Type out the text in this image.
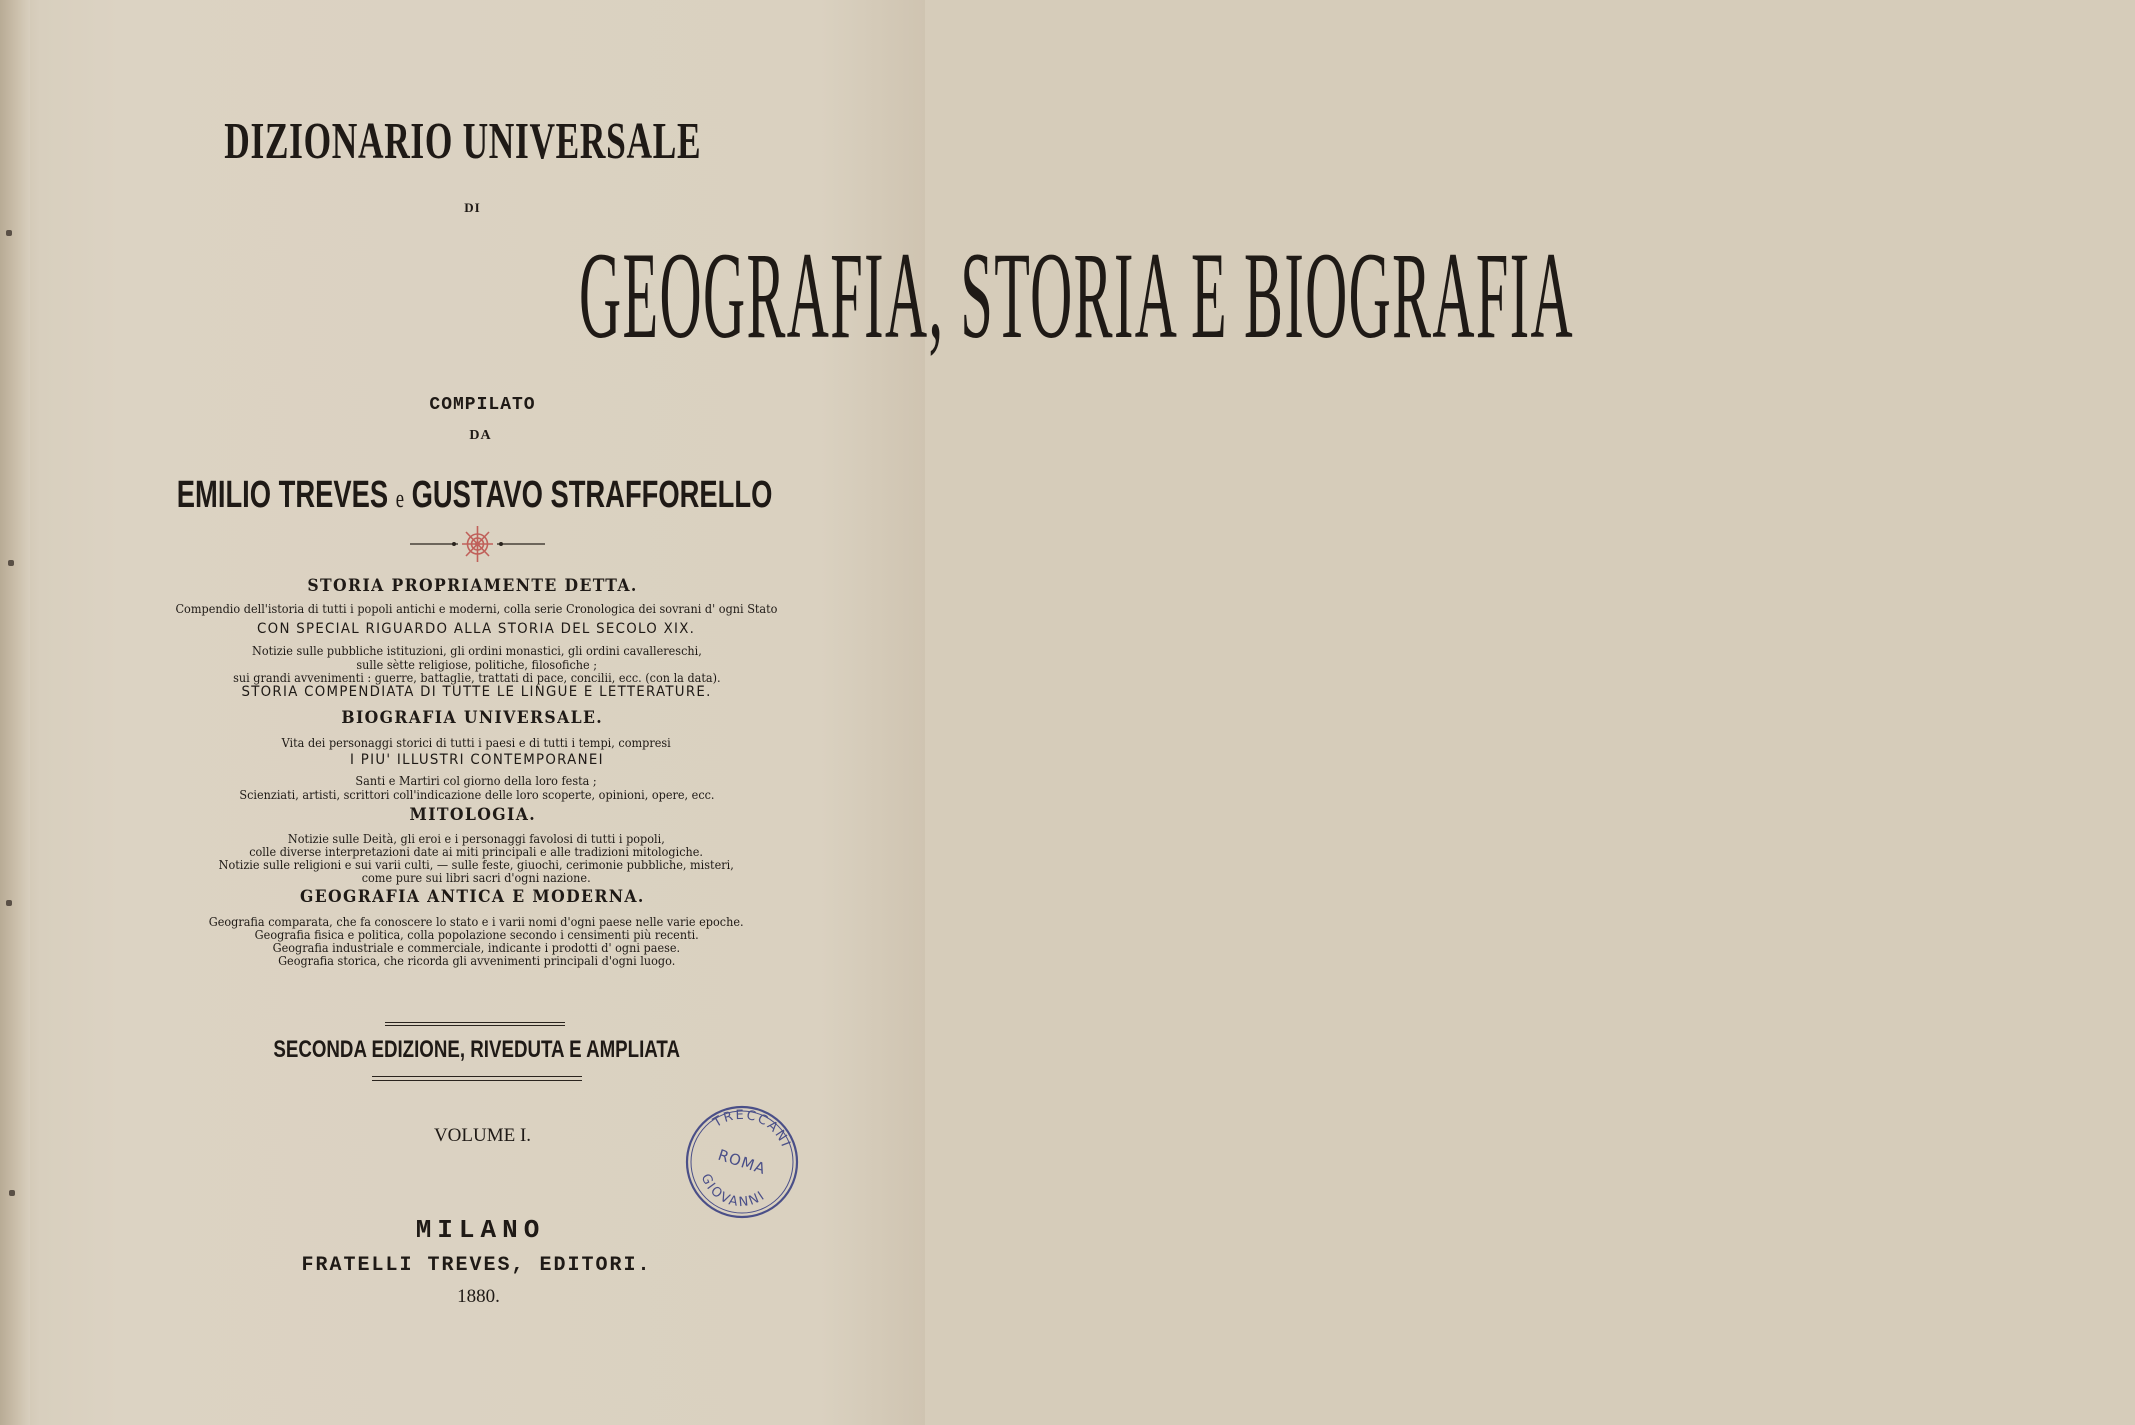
DIZIONARIO UNIVERSALE
DI
GEOGRAFIA, STORIA E BIOGRAFIA
COMPILATO
DA
EMILIO TREVES e GUSTAVO STRAFFORELLO
STORIA PROPRIAMENTE DETTA.
Compendio dell'istoria di tutti i popoli antichi e moderni, colla serie Cronologica dei sovrani d' ogni Stato
CON SPECIAL RIGUARDO ALLA STORIA DEL SECOLO XIX.
Notizie sulle pubbliche istituzioni, gli ordini monastici, gli ordini cavallereschi,
sulle sètte religiose, politiche, filosofiche ;
sui grandi avvenimenti : guerre, battaglie, trattati di pace, concilii, ecc. (con la data).
STORIA COMPENDIATA DI TUTTE LE LINGUE E LETTERATURE.
BIOGRAFIA UNIVERSALE.
Vita dei personaggi storici di tutti i paesi e di tutti i tempi, compresi
I PIU' ILLUSTRI CONTEMPORANEI
Santi e Martiri col giorno della loro festa ;
Scienziati, artisti, scrittori coll'indicazione delle loro scoperte, opinioni, opere, ecc.
MITOLOGIA.
Notizie sulle Deità, gli eroi e i personaggi favolosi di tutti i popoli,
colle diverse interpretazioni date ai miti principali e alle tradizioni mitologiche.
Notizie sulle religioni e sui varii culti, — sulle feste, giuochi, cerimonie pubbliche, misteri,
come pure sui libri sacri d'ogni nazione.
GEOGRAFIA ANTICA E MODERNA.
Geografia comparata, che fa conoscere lo stato e i varii nomi d'ogni paese nelle varie epoche.
Geografia fisica e politica, colla popolazione secondo i censimenti più recenti.
Geografia industriale e commerciale, indicante i prodotti d' ogni paese.
Geografia storica, che ricorda gli avvenimenti principali d'ogni luogo.
SECONDA EDIZIONE, RIVEDUTA E AMPLIATA
VOLUME I.
MILANO
FRATELLI TREVES, EDITORI.
1880.
TRECCANI
GIOVANNI
ROMA
